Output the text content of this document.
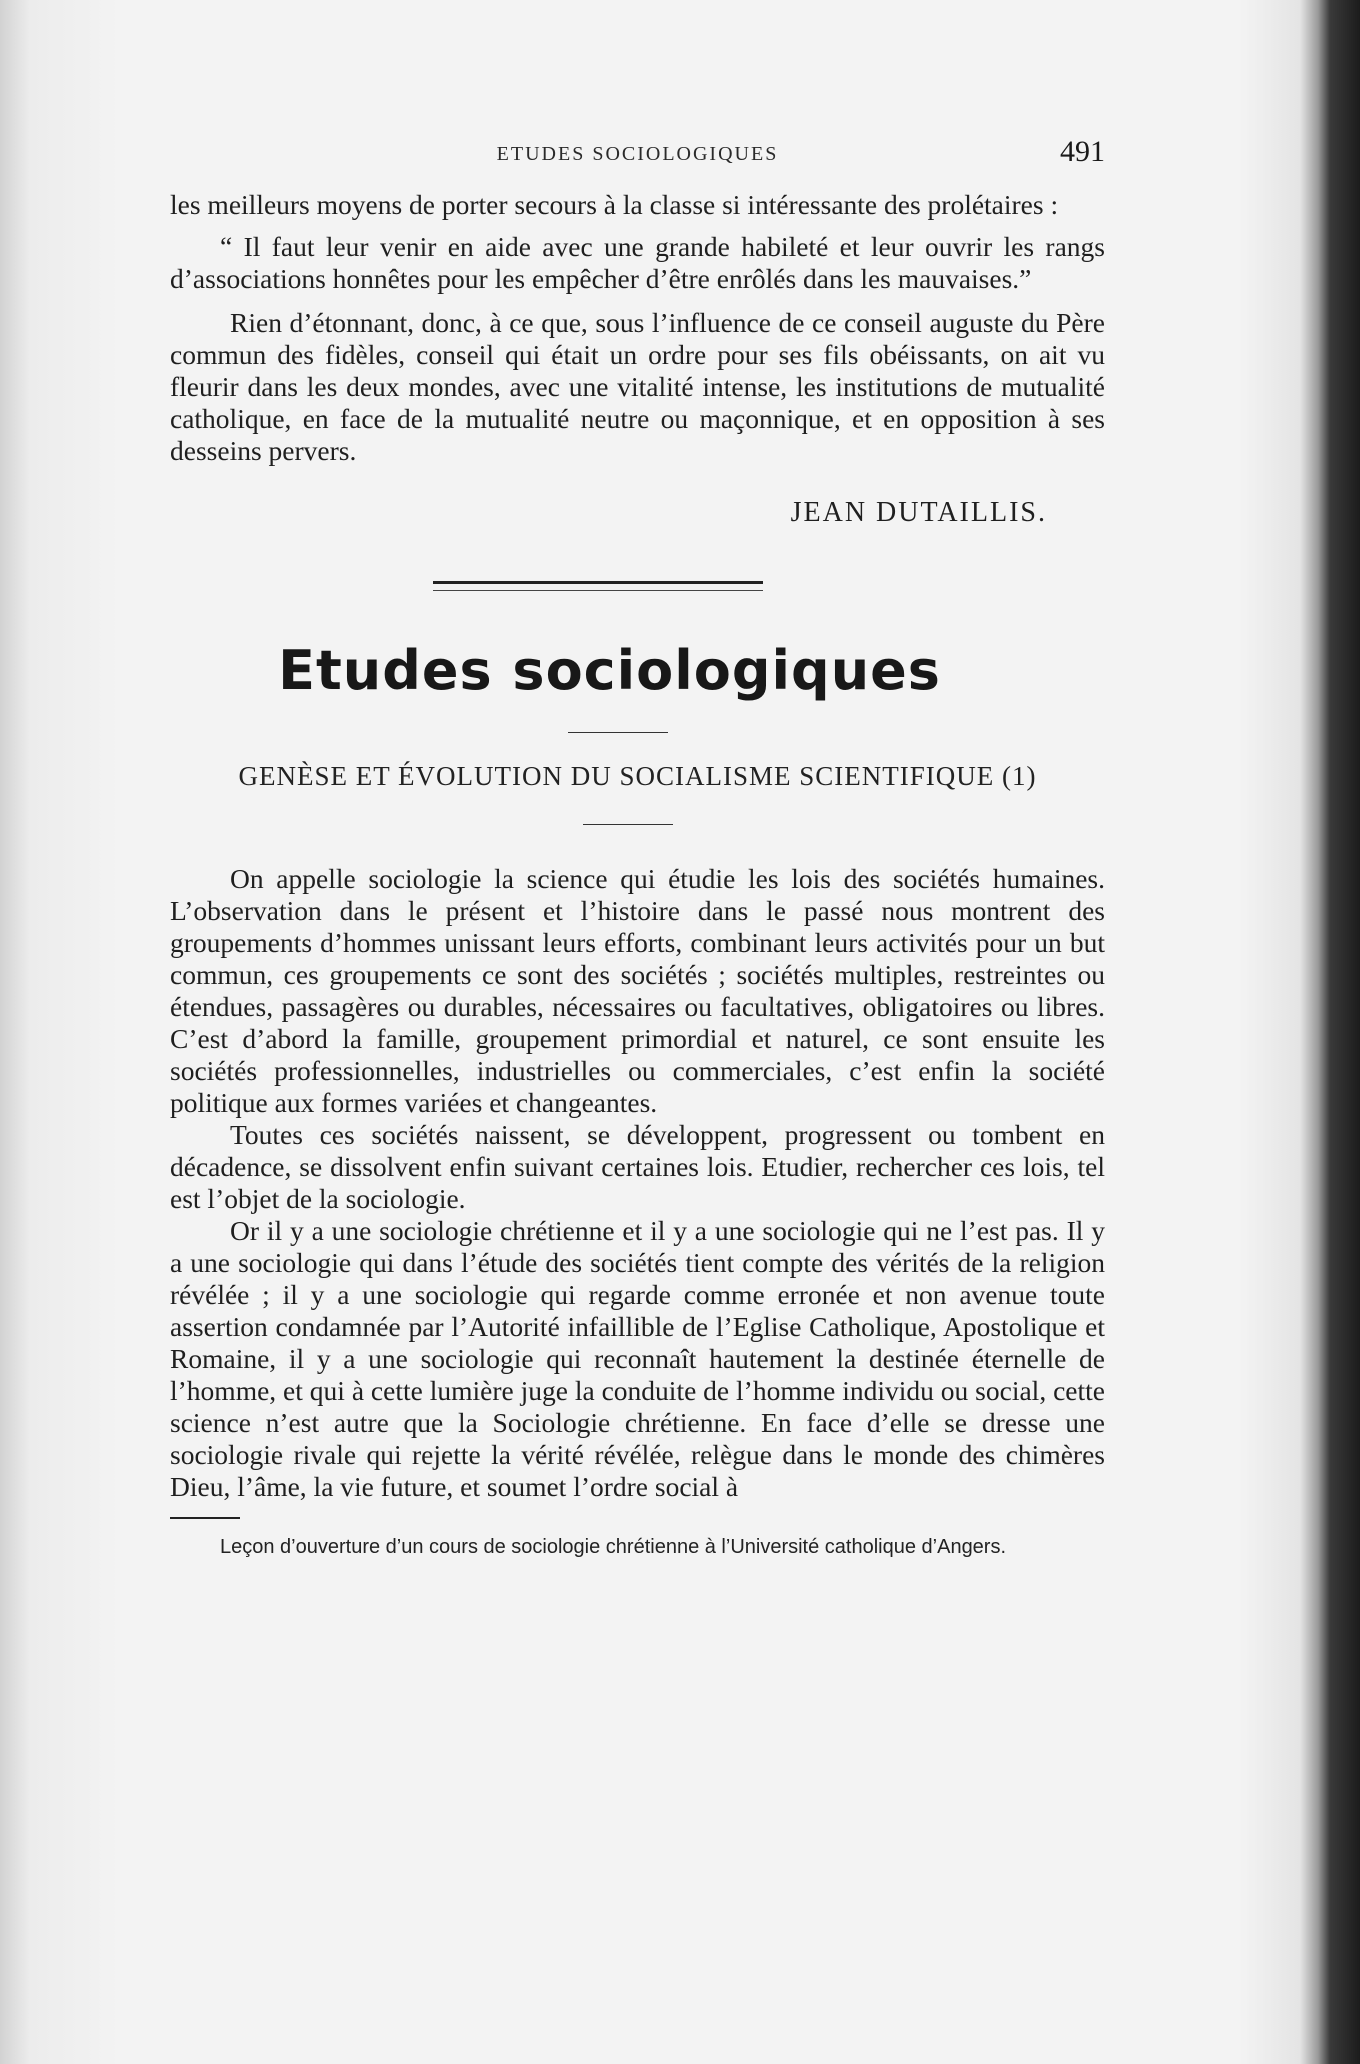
ETUDES SOCIOLOGIQUES	491

les meilleurs moyens de porter secours à la classe si intéressante des prolétaires :

“ Il faut leur venir en aide avec une grande habileté et leur ouvrir les rangs d’associations honnêtes pour les empêcher d’être enrôlés dans les mauvaises.”

Rien d’étonnant, donc, à ce que, sous l’influence de ce conseil auguste du Père commun des fidèles, conseil qui était un ordre pour ses fils obéissants, on ait vu fleurir dans les deux mondes, avec une vitalité intense, les institutions de mutualité catholique, en face de la mutualité neutre ou maçonnique, et en opposition à ses desseins pervers.

JEAN DUTAILLIS.
Etudes sociologiques
GENÈSE ET ÉVOLUTION DU SOCIALISME SCIENTIFIQUE (1)

On appelle sociologie la science qui étudie les lois des sociétés humaines. L’observation dans le présent et l’histoire dans le passé nous montrent des groupements d’hommes unissant leurs efforts, combinant leurs activités pour un but commun, ces groupements ce sont des sociétés ; sociétés multiples, restreintes ou étendues, passagères ou durables, nécessaires ou facultatives, obligatoires ou libres. C’est d’abord la famille, groupement primordial et naturel, ce sont ensuite les sociétés professionnelles, industrielles ou commerciales, c’est enfin la société politique aux formes variées et changeantes.

Toutes ces sociétés naissent, se développent, progressent ou tombent en décadence, se dissolvent enfin suivant certaines lois. Etudier, rechercher ces lois, tel est l’objet de la sociologie.

Or il y a une sociologie chrétienne et il y a une sociologie qui ne l’est pas. Il y a une sociologie qui dans l’étude des sociétés tient compte des vérités de la religion révélée ; il y a une sociologie qui regarde comme erronée et non avenue toute assertion condamnée par l’Autorité infaillible de l’Eglise Catholique, Apostolique et Romaine, il y a une sociologie qui reconnaît hautement la destinée éternelle de l’homme, et qui à cette lumière juge la conduite de l’homme individu ou social, cette science n’est autre que la Sociologie chrétienne. En face d’elle se dresse une sociologie rivale qui rejette la vérité révélée, relègue dans le monde des chimères Dieu, l’âme, la vie future, et soumet l’ordre social à

Leçon d’ouverture d’un cours de sociologie chrétienne à l’Université catholique d’Angers.
